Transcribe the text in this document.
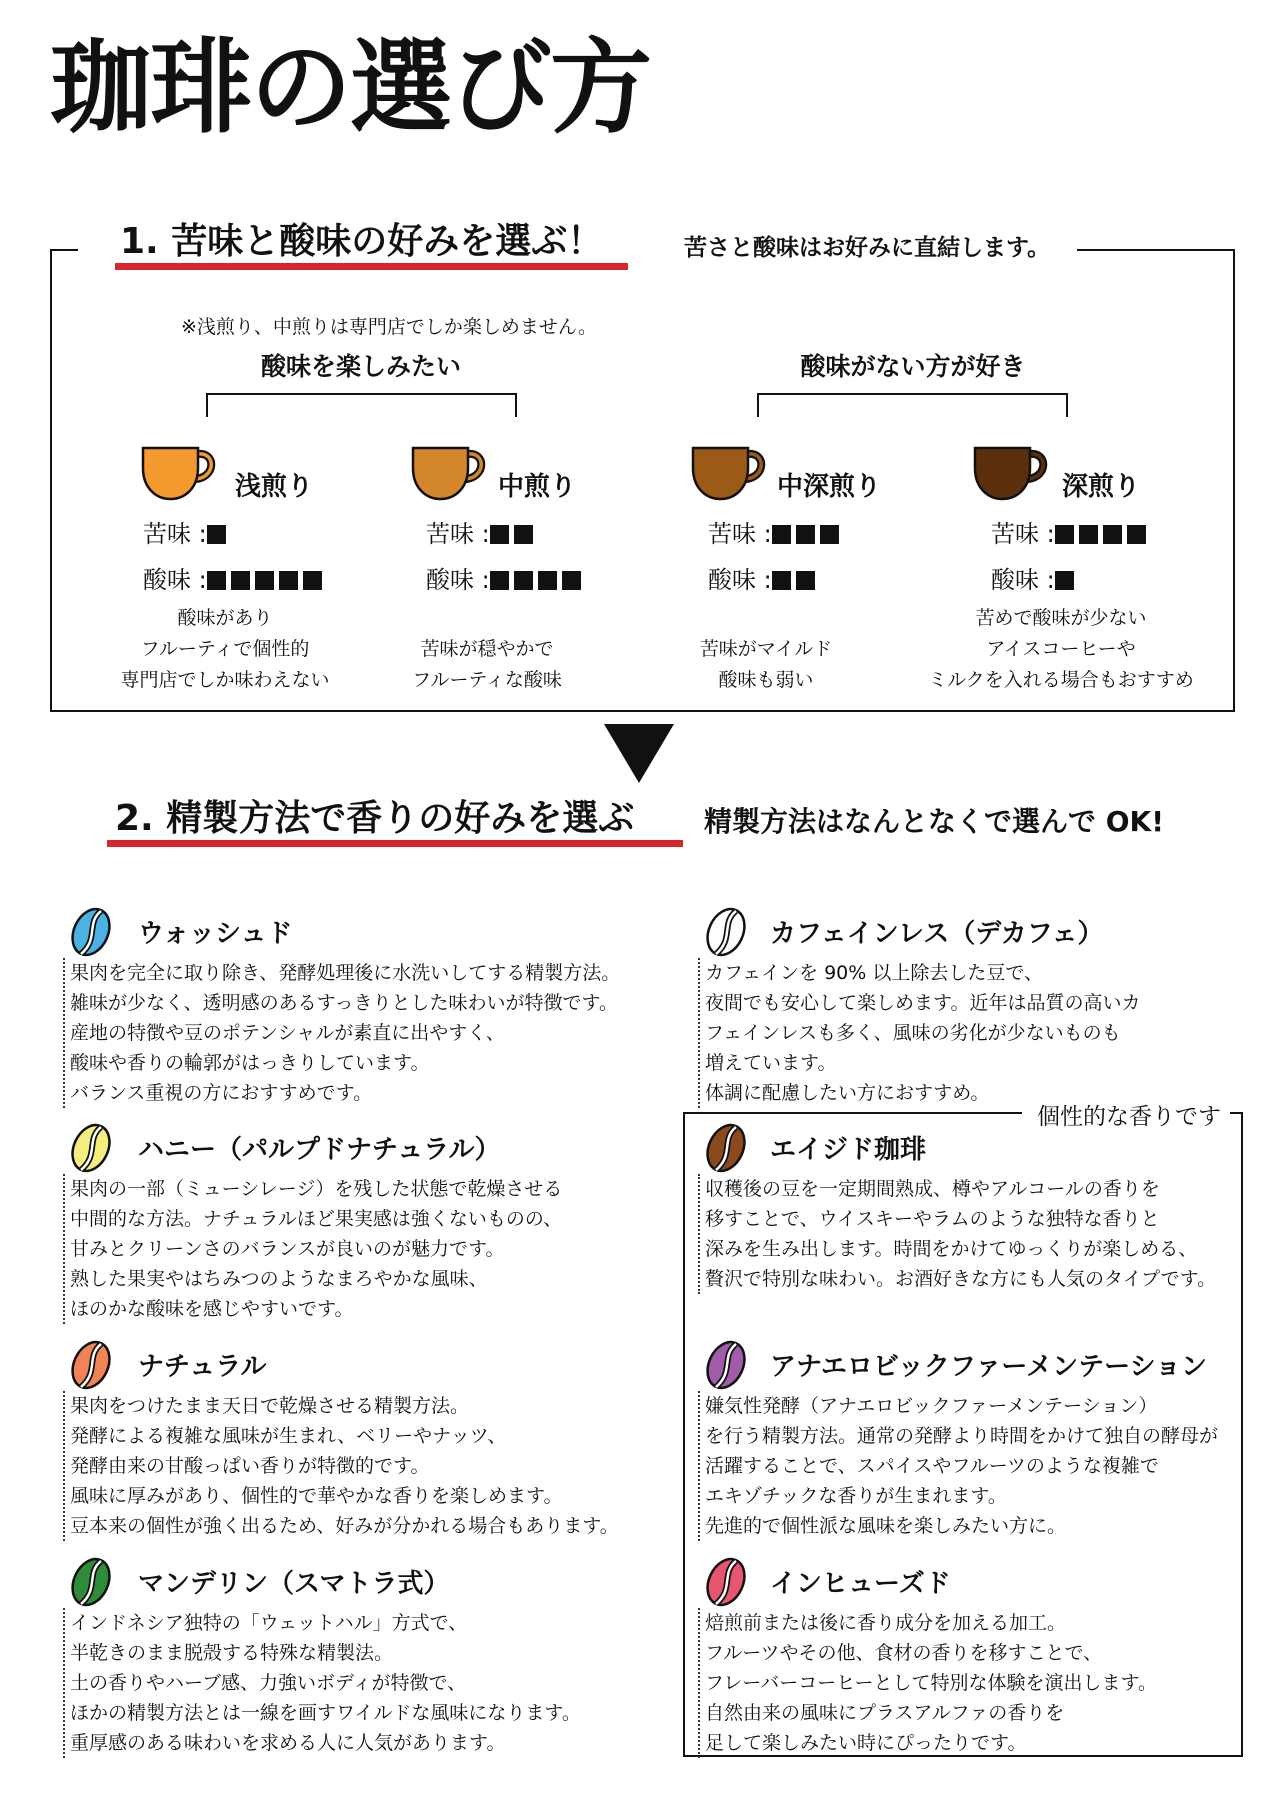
珈琲の選び方
1. 苦味と酸味の好みを選ぶ！	苦さと酸味はお好みに直結します。
※浅煎り、中煎りは専門店でしか楽しめません。
酸味を楽しみたい	酸味がない方が好き
浅煎り
苦味 :
酸味 :
酸味があり
フルーティで個性的
専門店でしか味わえない
中煎り
苦味 :
酸味 :
苦味が穏やかで
フルーティな酸味
中深煎り
苦味 :
酸味 :
苦味がマイルド
酸味も弱い
深煎り
苦味 :
酸味 :
苦めで酸味が少ない
アイスコーヒーや
ミルクを入れる場合もおすすめ
2. 精製方法で香りの好みを選ぶ 精製方法はなんとなくで選んで OK!
個性的な香りです
ウォッシュド
果肉を完全に取り除き、発酵処理後に水洗いしてする精製方法。
雑味が少なく、透明感のあるすっきりとした味わいが特徴です。
産地の特徴や豆のポテンシャルが素直に出やすく、
酸味や香りの輪郭がはっきりしています。
バランス重視の方におすすめです。
ハニー（パルプドナチュラル）
果肉の一部（ミューシレージ）を残した状態で乾燥させる
中間的な方法。ナチュラルほど果実感は強くないものの、
甘みとクリーンさのバランスが良いのが魅力です。
熟した果実やはちみつのようなまろやかな風味、
ほのかな酸味を感じやすいです。
ナチュラル
果肉をつけたまま天日で乾燥させる精製方法。
発酵による複雑な風味が生まれ、ベリーやナッツ、
発酵由来の甘酸っぱい香りが特徴的です。
風味に厚みがあり、個性的で華やかな香りを楽しめます。
豆本来の個性が強く出るため、好みが分かれる場合もあります。
マンデリン（スマトラ式）
インドネシア独特の「ウェットハル」方式で、
半乾きのまま脱殻する特殊な精製法。
土の香りやハーブ感、力強いボディが特徴で、
ほかの精製方法とは一線を画すワイルドな風味になります。
重厚感のある味わいを求める人に人気があります。
カフェインレス（デカフェ）
カフェインを 90% 以上除去した豆で、
夜間でも安心して楽しめます。近年は品質の高いカ
フェインレスも多く、風味の劣化が少ないものも
増えています。
体調に配慮したい方におすすめ。
エイジド珈琲
収穫後の豆を一定期間熟成、樽やアルコールの香りを
移すことで、ウイスキーやラムのような独特な香りと
深みを生み出します。時間をかけてゆっくりが楽しめる、
贅沢で特別な味わい。お酒好きな方にも人気のタイプです。
アナエロビックファーメンテーション
嫌気性発酵（アナエロビックファーメンテーション）
を行う精製方法。通常の発酵より時間をかけて独自の酵母が
活躍することで、スパイスやフルーツのような複雑で
エキゾチックな香りが生まれます。
先進的で個性派な風味を楽しみたい方に。
インヒューズド
焙煎前または後に香り成分を加える加工。
フルーツやその他、食材の香りを移すことで、
フレーバーコーヒーとして特別な体験を演出します。
自然由来の風味にプラスアルファの香りを
足して楽しみたい時にぴったりです。
